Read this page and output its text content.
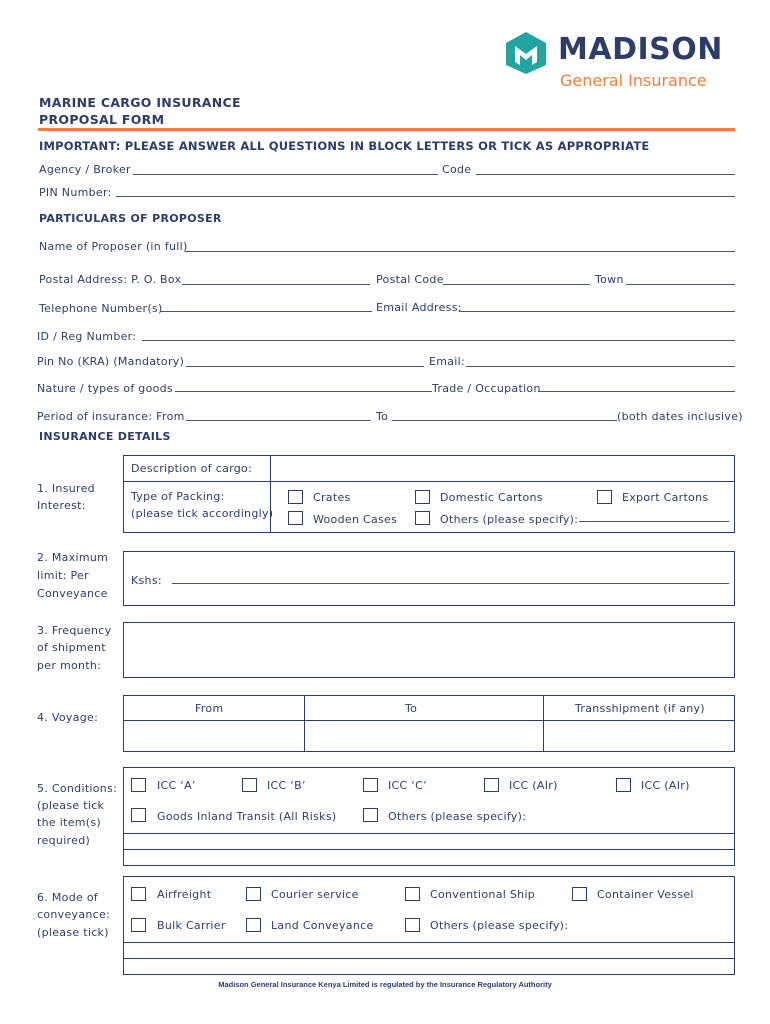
MADISON
General Insurance
MARINE CARGO INSURANCE
PROPOSAL FORM
IMPORTANT: PLEASE ANSWER ALL QUESTIONS IN BLOCK LETTERS OR TICK AS APPROPRIATE
Agency / Broker	Code
PIN Number:
PARTICULARS OF PROPOSER
Name of Proposer (in full)
Postal Address: P. O. Box	Postal Code	Town
Telephone Number(s)	Email Address:
ID / Reg Number:
Pin No (KRA) (Mandatory)	Email:
Nature / types of goods	Trade / Occupation
Period of insurance: From	To	(both dates inclusive)
INSURANCE DETAILS
1. Insured
Interest:
Description of cargo:
Type of Packing:
(please tick accordingly)
Crates	Domestic Cartons	Export Cartons
Wooden Cases	Others (please specify):
2. Maximum
limit: Per
Conveyance
Kshs:
3. Frequency
of shipment
per month:
4. Voyage:
From	To	Transshipment (if any)
5. Conditions:
(please tick
the item(s)
required)
ICC ‘A’	ICC ‘B’	ICC ‘C’	ICC (AIr)	ICC (AIr)
Goods Inland Transit (All Risks)	Others (please specify):
6. Mode of
conveyance:
(please tick)
Airfreight	Courier service	Conventional Ship	Container Vessel
Bulk Carrier	Land Conveyance	Others (please specify):
Madison General Insurance Kenya Limited is regulated by the Insurance Regulatory Authority
